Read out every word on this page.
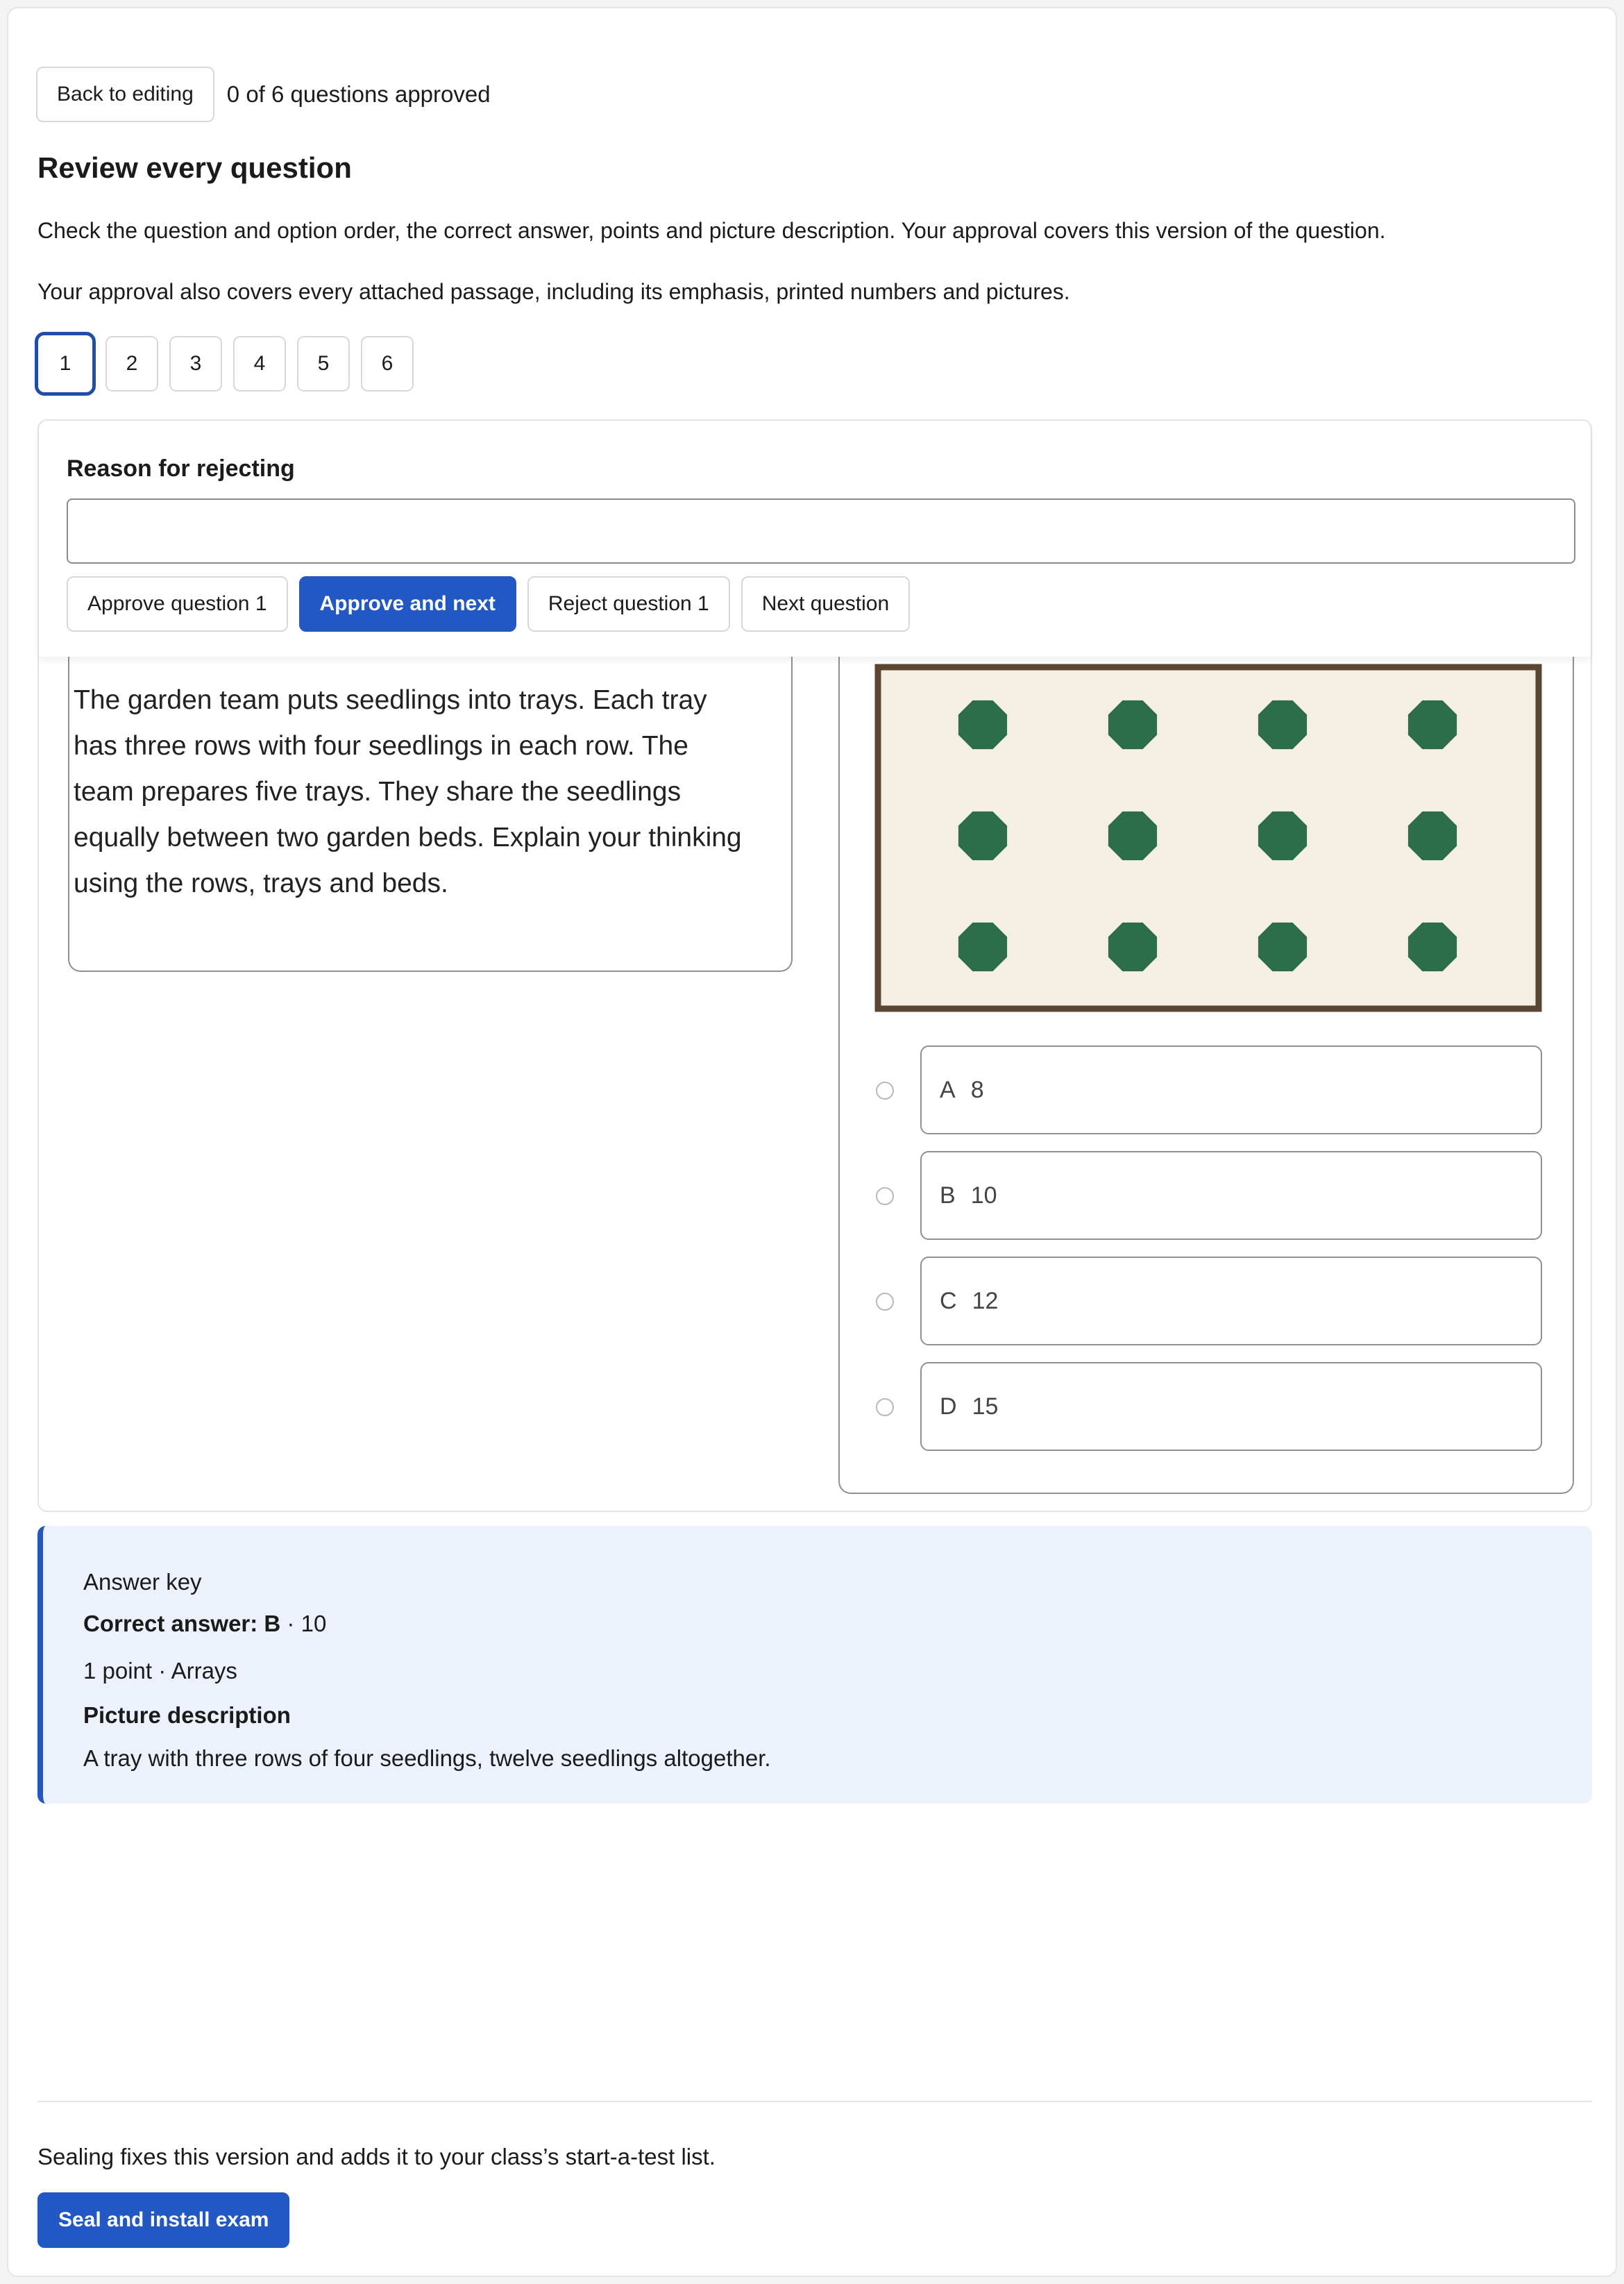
Back to editing	0 of 6 questions approved
Review every question

Check the question and option order, the correct answer, points and picture description. Your approval covers this version of the question.

Your approval also covers every attached passage, including its emphasis, printed numbers and pictures.

1	2	3	4	5	6

The garden team puts seedlings into trays. Each tray has three rows with four seedlings in each row. The team prepares five trays. They share the seedlings equally between two garden beds. Explain your thinking using the rows, trays and beds.

A 8
B 10
C 12
D 15

Reason for rejecting

Approve question 1	Approve and next	Reject question 1	Next question

Answer key

Correct answer: B · 10

1 point · Arrays

Picture description

A tray with three rows of four seedlings, twelve seedlings altogether.

Sealing fixes this version and adds it to your class’s start-a-test list.

Seal and install exam
